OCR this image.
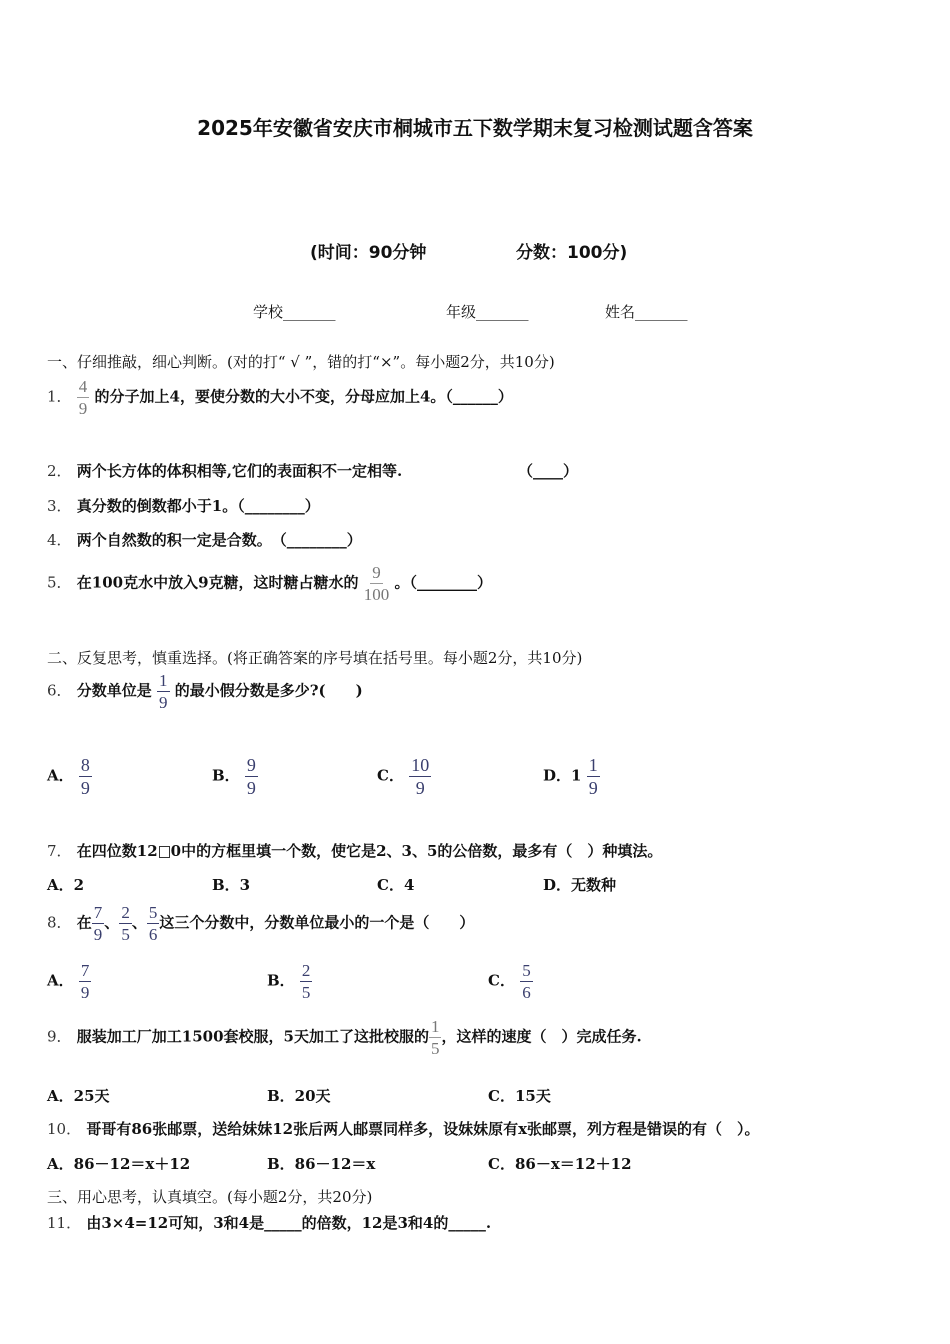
2025年安徽省安庆市桐城市五下数学期末复习检测试题含答案
(时间：90分钟	分数：100分)
学校_______	年级_______	姓名_______
一、仔细推敲，细心判断。(对的打“ √ ”，错的打“×”。每小题2分，共10分)
1． $\frac{4}{9}$ 的分子加上4，要使分数的大小不变，分母应加上4。（______）
2． 两个长方体的体积相等,它们的表面积不一定相等.	（____）
3． 真分数的倒数都小于1。（________）
4． 两个自然数的积一定是合数。　（________）
5． 在100克水中放入9克糖，这时糖占糖水的 $\frac{9}{100}$ 。（________）
二、反复思考，慎重选择。(将正确答案的序号填在括号里。每小题2分，共10分)
6． 分数单位是 $\frac{1}{9}$ 的最小假分数是多少?(　　)
A． $\frac{8}{9}$	B． $\frac{9}{9}$	C． $\frac{10}{9}$	D．$1 \frac{1}{9}$
7． 在四位数12 0中的方框里填一个数，使它是2、3、5的公倍数，最多有（　）种填法。
A．2	B．3	C．4	D．无数种
8． 在 $\frac{7}{9}$ 、 $\frac{2}{5}$ 、 $\frac{5}{6}$ 这三个分数中，分数单位最小的一个是（　　）
A． $\frac{7}{9}$	B． $\frac{2}{5}$	C． $\frac{5}{6}$
9． 服装加工厂加工1500套校服，5天加工了这批校服的 $\frac{1}{5}$ ，这样的速度（　）完成任务.
A．25天	B．20天	C．15天
10． 哥哥有86张邮票，送给妹妹12张后两人邮票同样多，设妹妹原有x张邮票，列方程是错误的有（　）。
A．86－12＝x＋12	B．86－12＝x	C．86－x＝12＋12
三、用心思考，认真填空。(每小题2分，共20分)
11． 由3×4=12可知，3和4是_____的倍数，12是3和4的_____.
